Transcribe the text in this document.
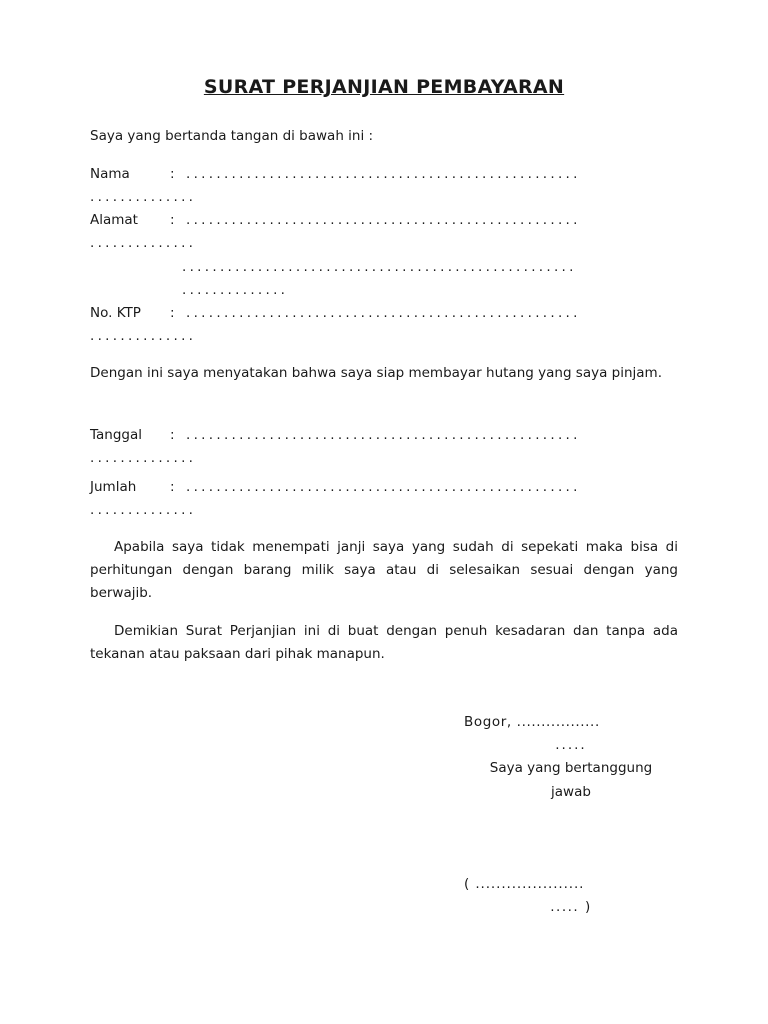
SURAT PERJANJIAN PEMBAYARAN
Saya yang bertanda tangan di bawah ini :
Nama	: ....................................................
..............
Alamat : ....................................................
..............
....................................................
..............
No. KTP : ....................................................
..............
Dengan ini saya menyatakan bahwa saya siap membayar hutang yang saya pinjam.
Tanggal : ....................................................
..............
Jumlah : ....................................................
..............
Apabila saya tidak menempati janji saya yang sudah di sepekati maka bisa di perhitungan dengan barang milik saya atau di selesaikan sesuai dengan yang berwajib.
Demikian Surat Perjanjian ini di buat dengan penuh kesadaran dan tanpa ada tekanan atau paksaan dari pihak manapun.
Bogor, .................
.....
Saya yang bertanggung
jawab
( .....................
..... )
